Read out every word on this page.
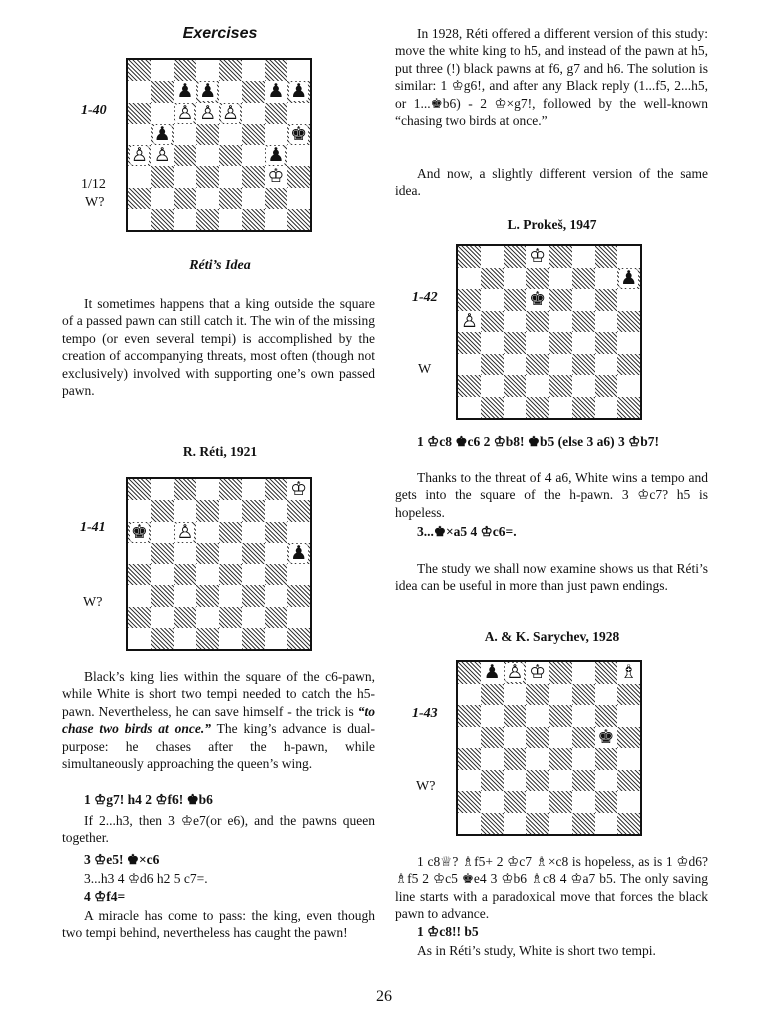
Exercises
1-40
1/12
W?
♟ ♟	♟ ♟
♙ ♙ ♙
♟	♚
♙ ♙	♟
♔
Réti’s Idea
It sometimes happens that a king outside the square of a passed pawn can still catch it. The win of the missing tempo (or even several tempi) is accomplished by the creation of accompanying threats, most often (though not exclusively) involved with supporting one’s own passed pawn.
R. Réti, 1921
1-41
W?
♔
♚ ♙
♟
Black’s king lies within the square of the c6-pawn, while White is short two tempi needed to catch the h5-pawn. Nevertheless, he can save himself - the trick is “to chase two birds at once.” The king’s advance is dual-purpose: he chases after the h-pawn, while simultaneously approaching the queen’s wing.
1 ♔g7! h4 2 ♔f6! ♚b6
If 2...h3, then 3 ♔e7(or e6), and the pawns queen together.
3 ♔e5! ♚×c6
3...h3 4 ♔d6 h2 5 c7=.
4 ♔f4=
A miracle has come to pass: the king, even though two tempi behind, nevertheless has caught the pawn!
In 1928, Réti offered a different version of this study: move the white king to h5, and instead of the pawn at h5, put three (!) black pawns at f6, g7 and h6. The solution is similar: 1 ♔g6!, and after any Black reply (1...f5, 2...h5, or 1...♚b6) - 2 ♔×g7!, followed by the well-known “chasing two birds at once.”
And now, a slightly different version of the same idea.
L. Prokeš, 1947
1-42
W
♔
♟
♚
♙
1 ♔c8 ♚c6 2 ♔b8! ♚b5 (else 3 a6) 3 ♔b7!
Thanks to the threat of 4 a6, White wins a tempo and gets into the square of the h-pawn. 3 ♔c7? h5 is hopeless.
3...♚×a5 4 ♔c6=.
The study we shall now examine shows us that Réti’s idea can be useful in more than just pawn endings.
A. & K. Sarychev, 1928
1-43
W?
♟ ♙ ♔	♗
♚
1 c8♕? ♗f5+ 2 ♔c7 ♗×c8 is hopeless, as is 1 ♔d6? ♗f5 2 ♔c5 ♚e4 3 ♔b6 ♗c8 4 ♔a7 b5. The only saving line starts with a paradoxical move that forces the black pawn to advance.
1 ♔c8!! b5
As in Réti’s study, White is short two tempi.
26
